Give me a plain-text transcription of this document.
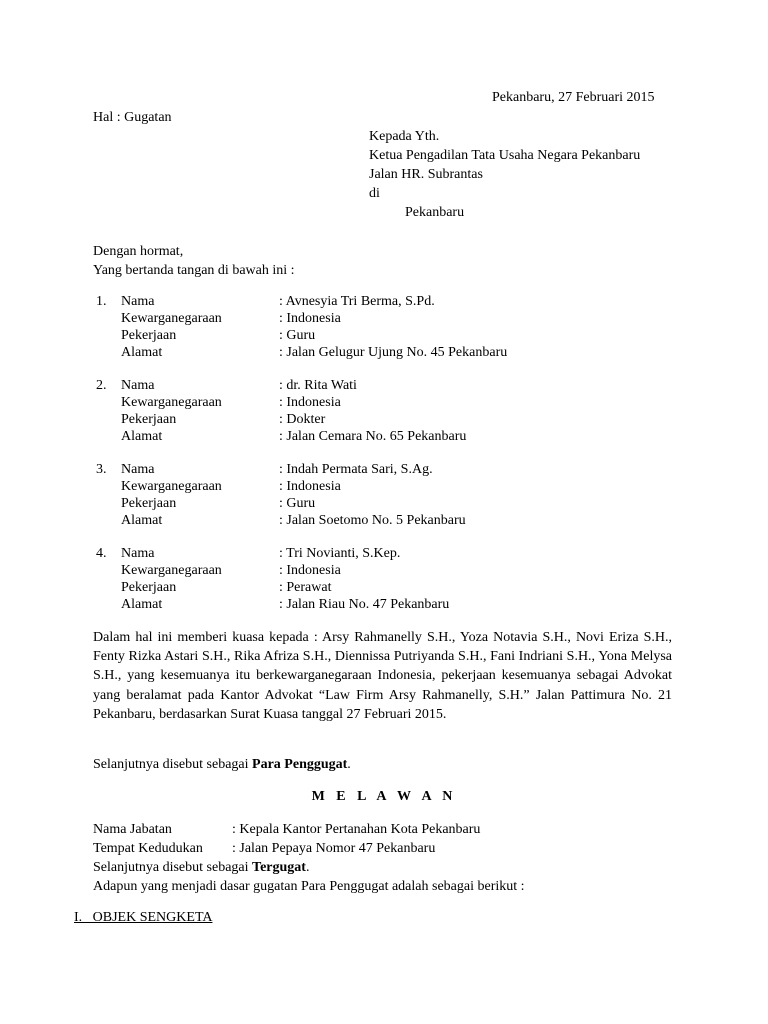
Pekanbaru, 27 Februari 2015
Hal : Gugatan
Kepada Yth.
Ketua Pengadilan Tata Usaha Negara Pekanbaru
Jalan HR. Subrantas
di
Pekanbaru
Dengan hormat,
Yang bertanda tangan di bawah ini :
1. Nama	: Avnesyia Tri Berma, S.Pd.
Kewarganegaraan	: Indonesia
Pekerjaan	: Guru
Alamat	: Jalan Gelugur Ujung No. 45 Pekanbaru
2. Nama	: dr. Rita Wati
Kewarganegaraan	: Indonesia
Pekerjaan	: Dokter
Alamat	: Jalan Cemara No. 65 Pekanbaru
3. Nama	: Indah Permata Sari, S.Ag.
Kewarganegaraan	: Indonesia
Pekerjaan	: Guru
Alamat	: Jalan Soetomo No. 5 Pekanbaru
4. Nama	: Tri Novianti, S.Kep.
Kewarganegaraan	: Indonesia
Pekerjaan	: Perawat
Alamat	: Jalan Riau No. 47 Pekanbaru
Dalam hal ini memberi kuasa kepada : Arsy Rahmanelly S.H., Yoza Notavia S.H., Novi Eriza S.H., Fenty Rizka Astari S.H., Rika Afriza S.H., Diennissa Putriyanda S.H., Fani Indriani S.H., Yona Melysa S.H., yang kesemuanya itu berkewarganegaraan Indonesia, pekerjaan kesemuanya sebagai Advokat yang beralamat pada Kantor Advokat “Law Firm Arsy Rahmanelly, S.H.” Jalan Pattimura No. 21 Pekanbaru, berdasarkan Surat Kuasa tanggal 27 Februari 2015.
Selanjutnya disebut sebagai Para Penggugat.
M E L A W A N
Nama Jabatan	: Kepala Kantor Pertanahan Kota Pekanbaru
Tempat Kedudukan : Jalan Pepaya Nomor 47 Pekanbaru
Selanjutnya disebut sebagai Tergugat.
Adapun yang menjadi dasar gugatan Para Penggugat adalah sebagai berikut :
I.   OBJEK SENGKETA
